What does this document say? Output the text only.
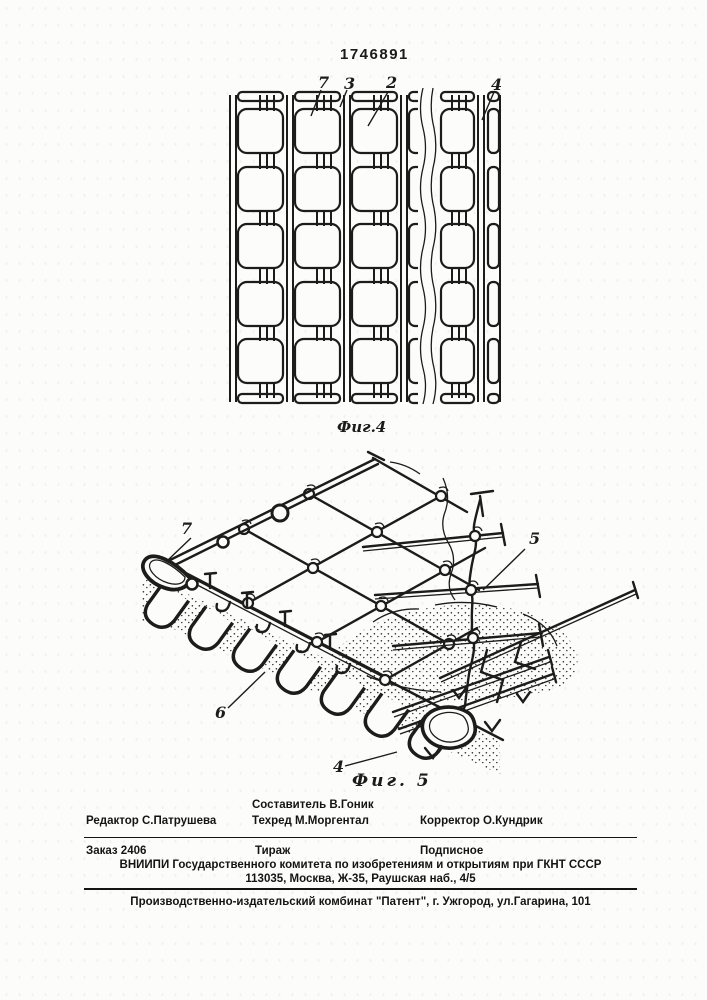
1746891
7 3 2	4
Фиг.4
7
5
6
4
Фиг. 5
Составитель В.Гоник
Редактор С.Патрушева	Техред М.Моргентал	Корректор О.Кундрик
Заказ 2406	Тираж	Подписное
ВНИИПИ Государственного комитета по изобретениям и открытиям при ГКНТ СССР
113035, Москва, Ж-35, Раушская наб., 4/5
Производственно-издательский комбинат "Патент", г. Ужгород, ул.Гагарина, 101
